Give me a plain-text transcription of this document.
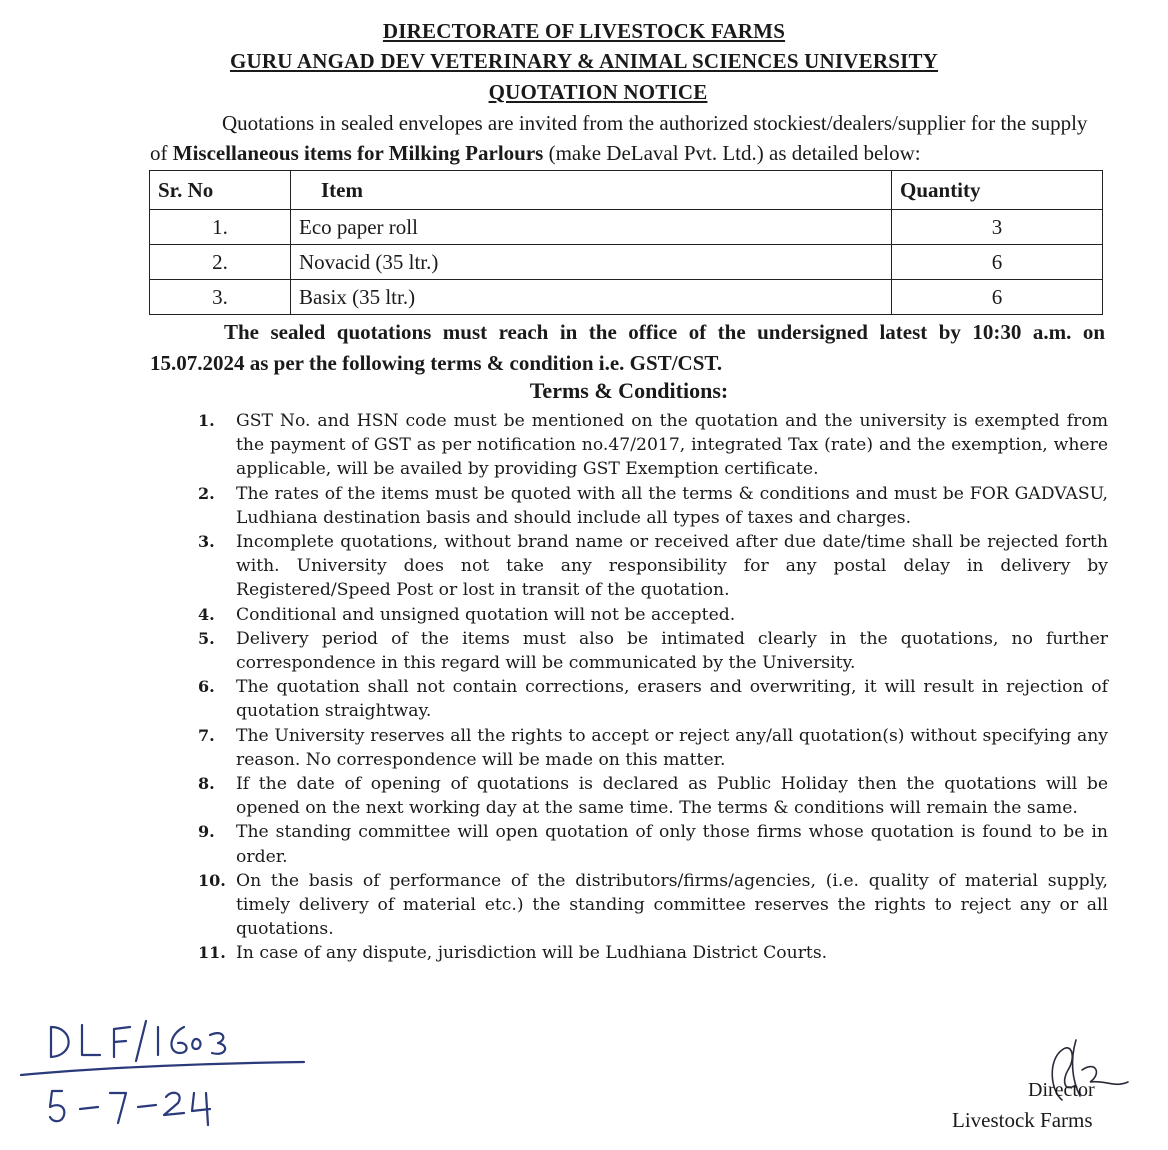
DIRECTORATE OF LIVESTOCK FARMS
GURU ANGAD DEV VETERINARY & ANIMAL SCIENCES UNIVERSITY
QUOTATION NOTICE
Quotations in sealed envelopes are invited from the authorized stockiest/dealers/supplier for the supply of Miscellaneous items for Milking Parlours (make DeLaval Pvt. Ltd.) as detailed below:
Sr. No	Item	Quantity
1.	Eco paper roll	3
2.	Novacid (35 ltr.)	6
3.	Basix (35 ltr.)	6
The sealed quotations must reach in the office of the undersigned latest by 10:30 a.m. on 15.07.2024 as per the following terms & condition i.e. GST/CST.
Terms & Conditions:
1. GST No. and HSN code must be mentioned on the quotation and the university is exempted from the payment of GST as per notification no.47/2017, integrated Tax (rate) and the exemption, where applicable, will be availed by providing GST Exemption certificate.
2. The rates of the items must be quoted with all the terms & conditions and must be FOR GADVASU, Ludhiana destination basis and should include all types of taxes and charges.
3. Incomplete quotations, without brand name or received after due date/time shall be rejected forth with. University does not take any responsibility for any postal delay in delivery by Registered/Speed Post or lost in transit of the quotation.
4. Conditional and unsigned quotation will not be accepted.
5. Delivery period of the items must also be intimated clearly in the quotations, no further correspondence in this regard will be communicated by the University.
6. The quotation shall not contain corrections, erasers and overwriting, it will result in rejection of quotation straightway.
7. The University reserves all the rights to accept or reject any/all quotation(s) without specifying any reason. No correspondence will be made on this matter.
8. If the date of opening of quotations is declared as Public Holiday then the quotations will be opened on the next working day at the same time. The terms & conditions will remain the same.
9. The standing committee will open quotation of only those firms whose quotation is found to be in order.
10. On the basis of performance of the distributors/firms/agencies, (i.e. quality of material supply, timely delivery of material etc.) the standing committee reserves the rights to reject any or all quotations.
11. In case of any dispute, jurisdiction will be Ludhiana District Courts.
Director
Livestock Farms
